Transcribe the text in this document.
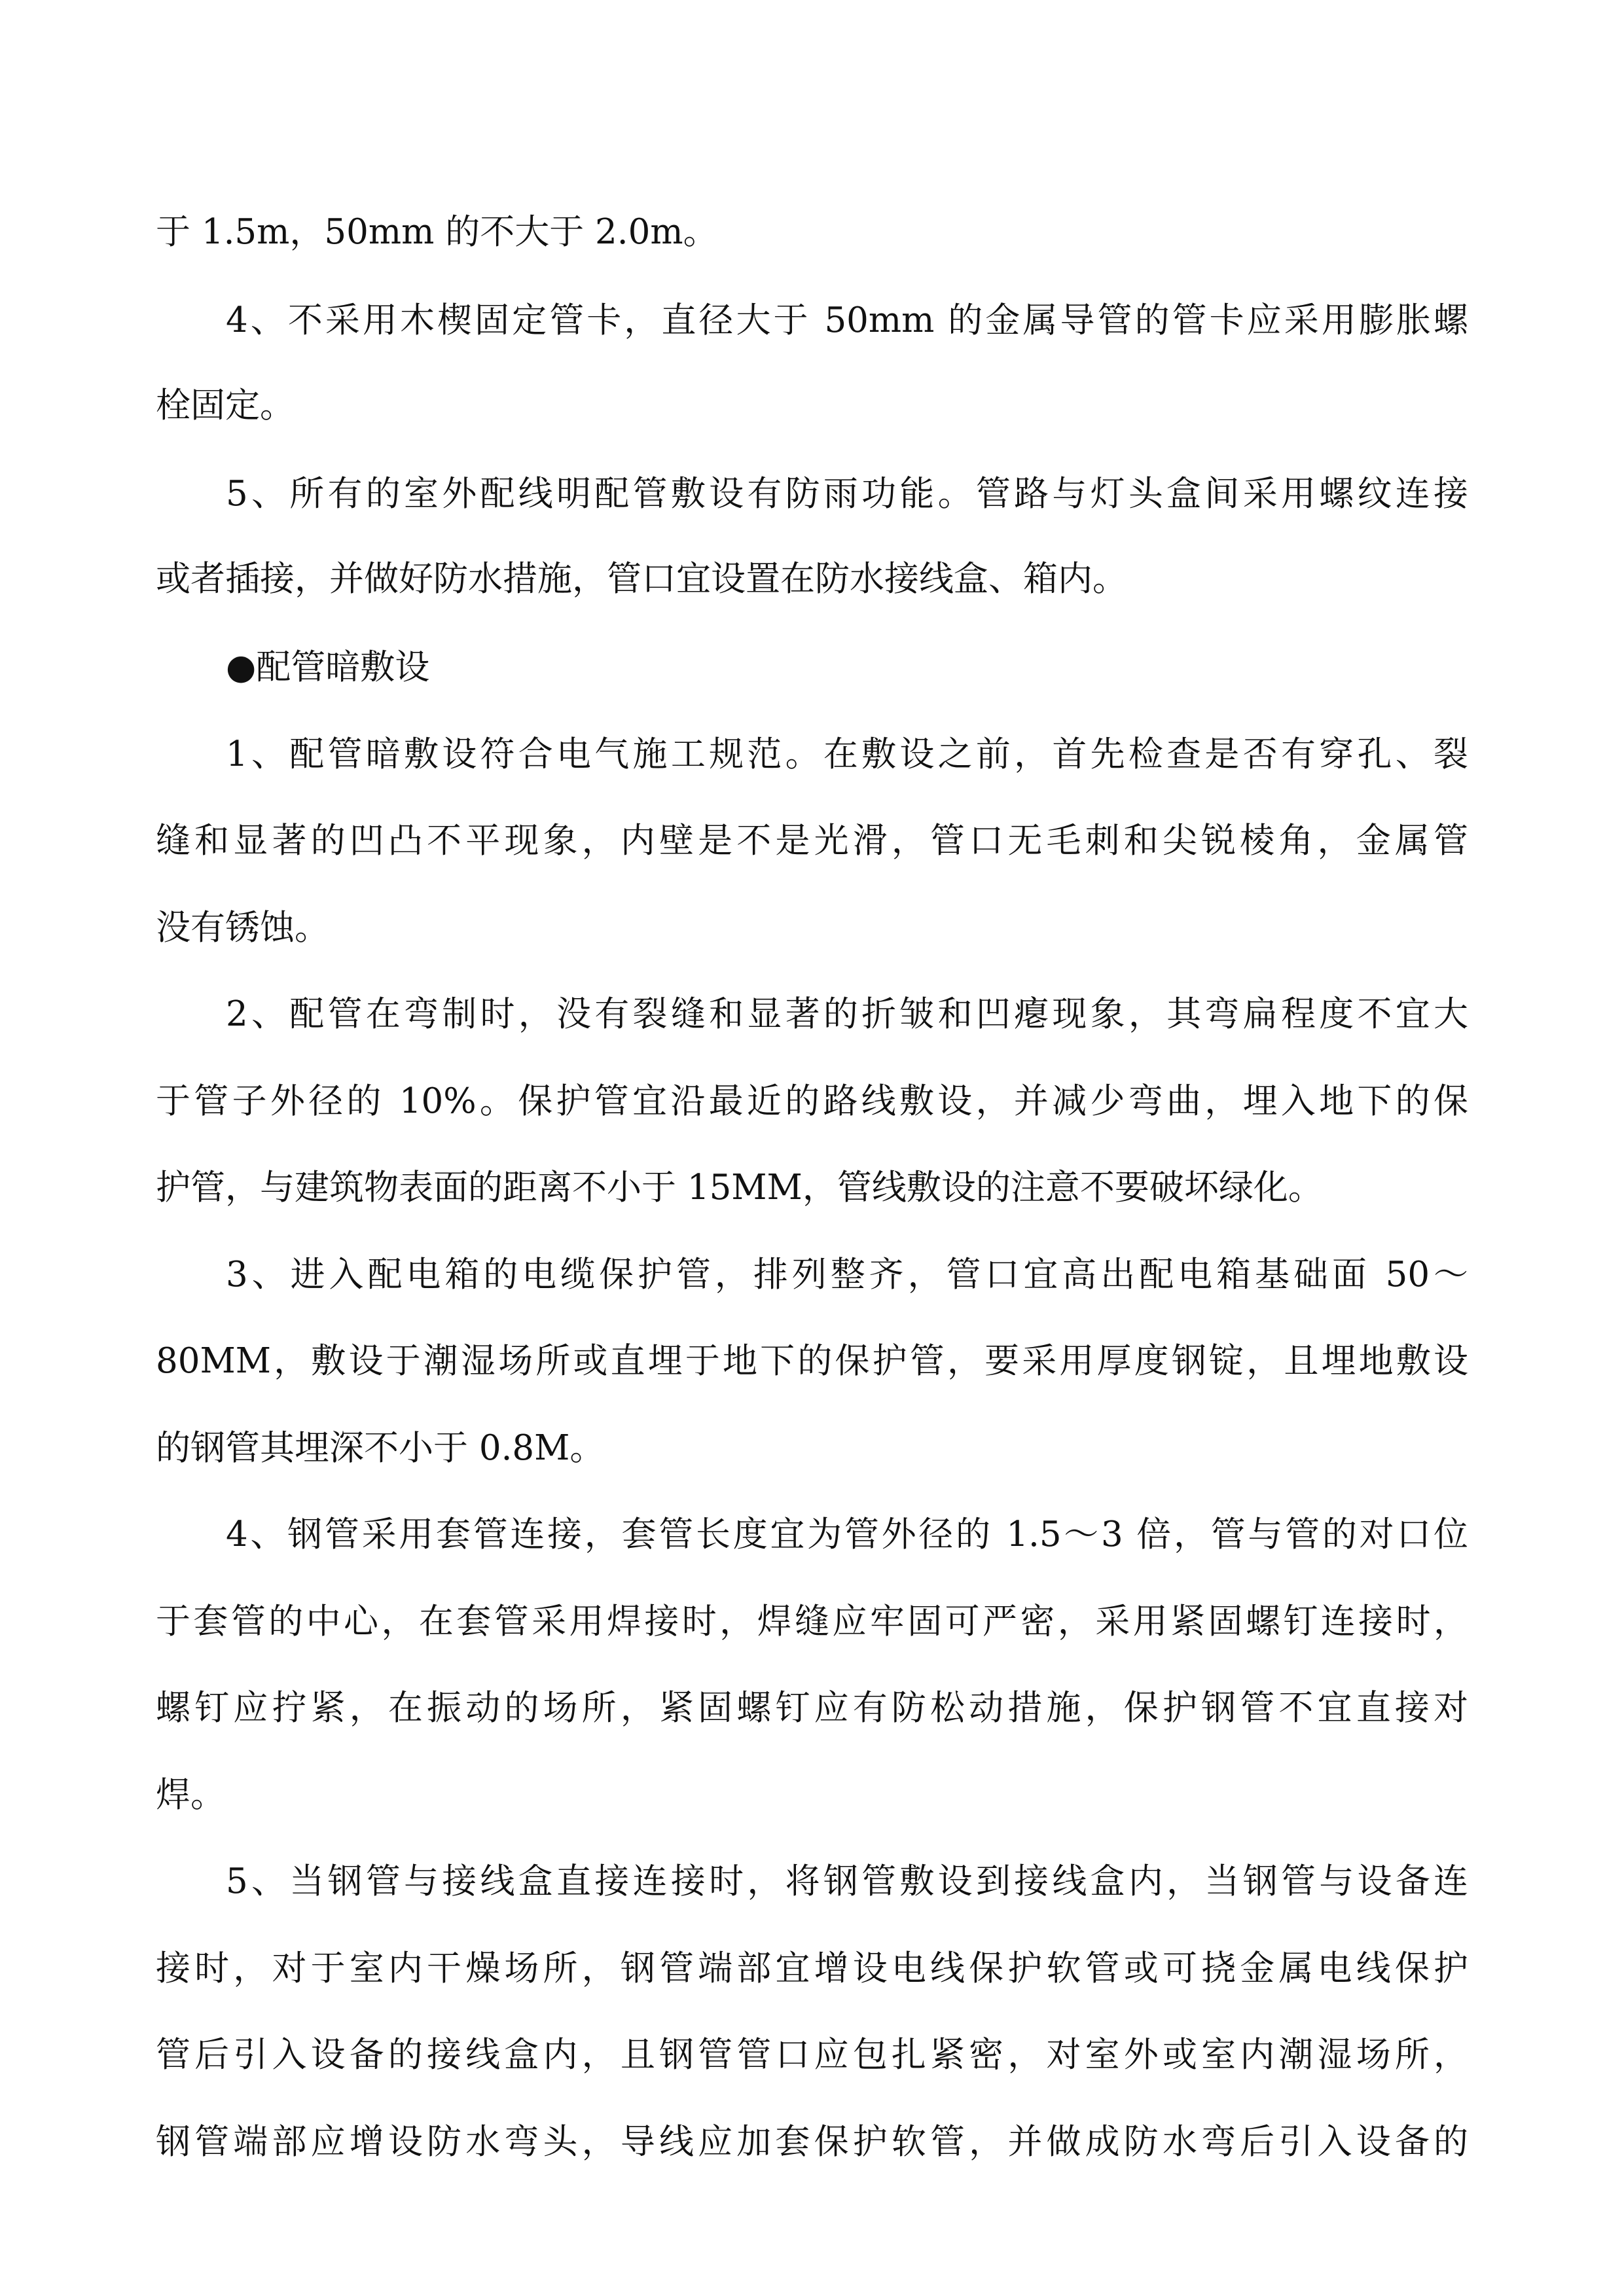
于 1.5m，50mm 的不大于 2.0m。

4、不采用木楔固定管卡，直径大于 50mm 的金属导管的管卡应采用膨胀螺

栓固定。

5、所有的室外配线明配管敷设有防雨功能。管路与灯头盒间采用螺纹连接

或者插接，并做好防水措施，管口宜设置在防水接线盒、箱内。

●配管暗敷设

1、配管暗敷设符合电气施工规范。在敷设之前，首先检查是否有穿孔、裂

缝和显著的凹凸不平现象，内壁是不是光滑，管口无毛刺和尖锐棱角，金属管

没有锈蚀。

2、配管在弯制时，没有裂缝和显著的折皱和凹瘪现象，其弯扁程度不宜大

于管子外径的 10%。保护管宜沿最近的路线敷设，并减少弯曲，埋入地下的保

护管，与建筑物表面的距离不小于 15MM，管线敷设的注意不要破坏绿化。

3、进入配电箱的电缆保护管，排列整齐，管口宜高出配电箱基础面 50～

80MM，敷设于潮湿场所或直埋于地下的保护管，要采用厚度钢锭，且埋地敷设

的钢管其埋深不小于 0.8M。

4、钢管采用套管连接，套管长度宜为管外径的 1.5～3 倍，管与管的对口位

于套管的中心，在套管采用焊接时，焊缝应牢固可严密，采用紧固螺钉连接时，

螺钉应拧紧，在振动的场所，紧固螺钉应有防松动措施，保护钢管不宜直接对

焊。

5、当钢管与接线盒直接连接时，将钢管敷设到接线盒内，当钢管与设备连

接时，对于室内干燥场所，钢管端部宜增设电线保护软管或可挠金属电线保护

管后引入设备的接线盒内，且钢管管口应包扎紧密，对室外或室内潮湿场所，

钢管端部应增设防水弯头，导线应加套保护软管，并做成防水弯后引入设备的
